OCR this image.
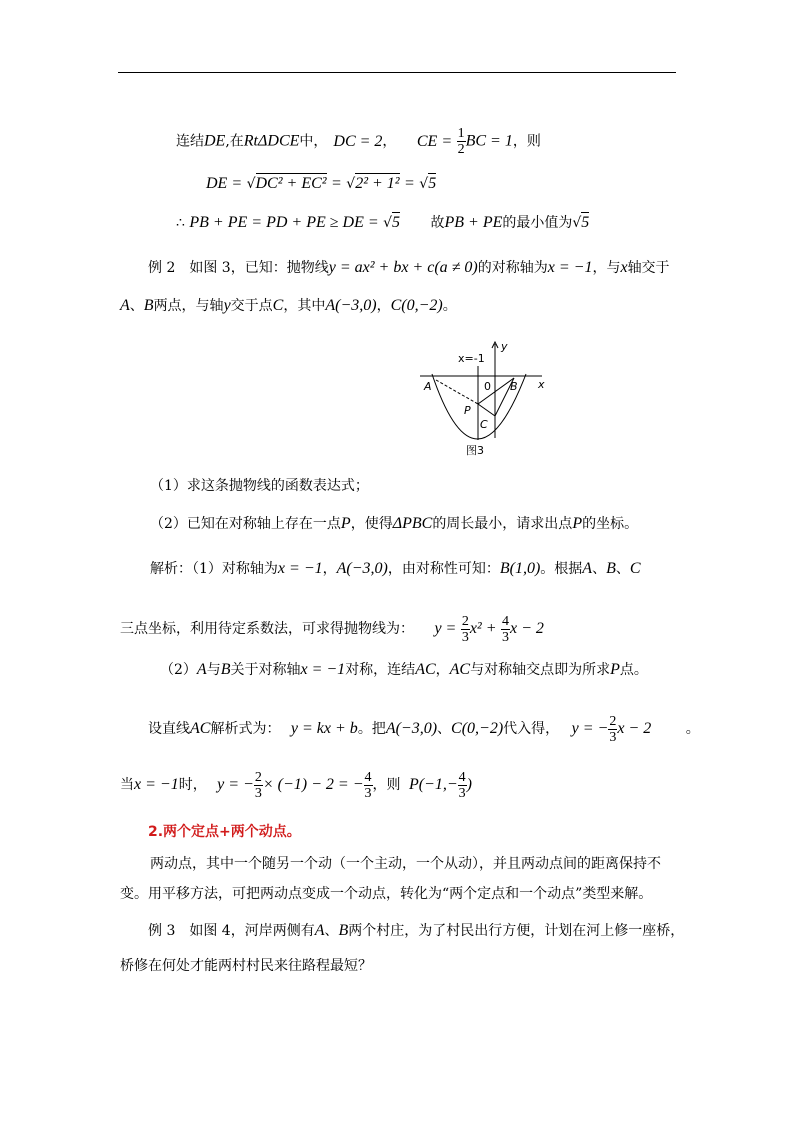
连结DE,在RtΔDCE中， DC = 2， CE = $\frac{1}{2}$ BC = 1，则
DE = √DC² + EC² = √2² + 1² = √5
∴ PB + PE = PD + PE ≥ DE = √5 故PB + PE的最小值为√5
例 2　如图 3，已知：抛物线y = ax² + bx + c(a ≠ 0)的对称轴为x = −1，与x轴交于
A、B两点，与轴y交于点C，其中A(−3,0)，C(0,−2)。
x=-1
y
x
A	0 B
P
C
图3
（1）求这条抛物线的函数表达式；
（2）已知在对称轴上存在一点P，使得ΔPBC的周长最小，请求出点P的坐标。
解析：（1）对称轴为x = −1，A(−3,0)，由对称性可知：B(1,0)。根据A、B、C
三点坐标，利用待定系数法，可求得抛物线为： $y = \frac{2}{3} x^2 + \frac{4}{3}$ x − 2
（2）A与B关于对称轴x = −1对称，连结AC，AC与对称轴交点即为所求P点。
设直线AC解析式为： y = kx + b。把A(−3,0)、C(0,−2)代入得， y = − $\frac{2}{3}$ x − 2 。
当x = −1时， y = − $\frac{2}{3} \times (-1) - 2$ = − $\frac{4}{3}$ ，则 $P(-1,- \frac{4}{3}$ )
2.两个定点+两个动点。
两动点，其中一个随另一个动（一个主动，一个从动），并且两动点间的距离保持不
变。用平移方法，可把两动点变成一个动点，转化为“两个定点和一个动点”类型来解。
例 3　如图 4，河岸两侧有A、B两个村庄，为了村民出行方便，计划在河上修一座桥，
桥修在何处才能两村村民来往路程最短？
